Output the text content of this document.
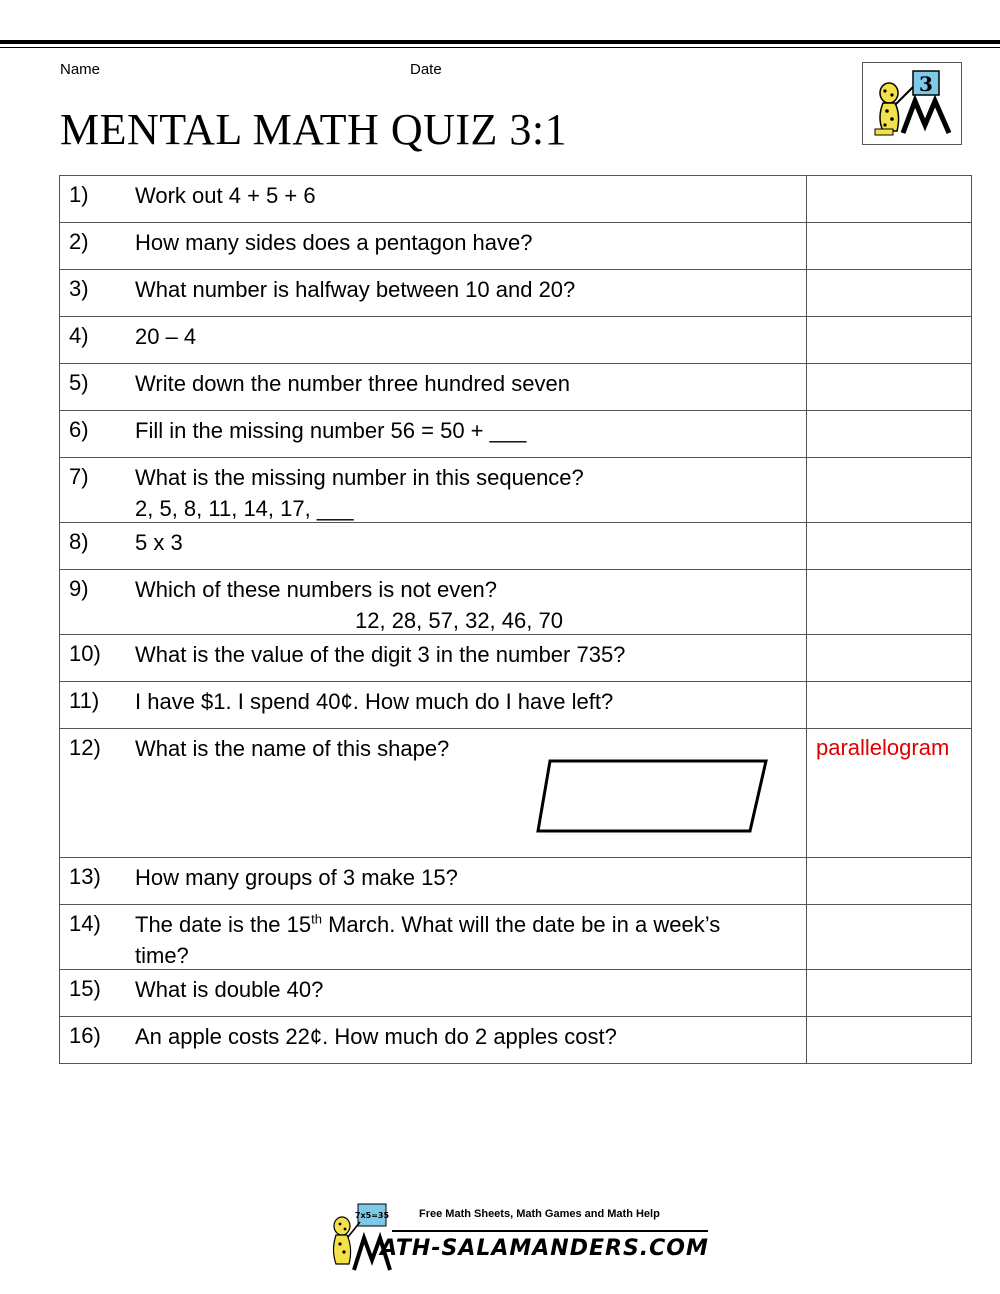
Name	Date
MENTAL MATH QUIZ 3:1
3
1) Work out 4 + 5 + 6	

2) How many sides does a pentagon have?	

3) What number is halfway between 10 and 20?	

4) 20 – 4	

5) Write down the number three hundred seven	

6) Fill in the missing number 56 = 50 + ___	

7) What is the missing number in this sequence?
2, 5, 8, 11, 14, 17, ___	

8) 5 x 3	

9) Which of these numbers is not even?
12, 28, 57, 32, 46, 70	

10) What is the value of the digit 3 in the number 735?	

11) I have $1. I spend 40¢. How much do I have left?	

12) What is the name of this shape?	parallelogram

13) How many groups of 3 make 15?	

14) The date is the 15th March. What will the date be in a week’s
time?	

15) What is double 40?	

16) An apple costs 22¢. How much do 2 apples cost?	

7x5=35	Free Math Sheets, Math Games and Math Help
ATH-SALAMANDERS.COM
